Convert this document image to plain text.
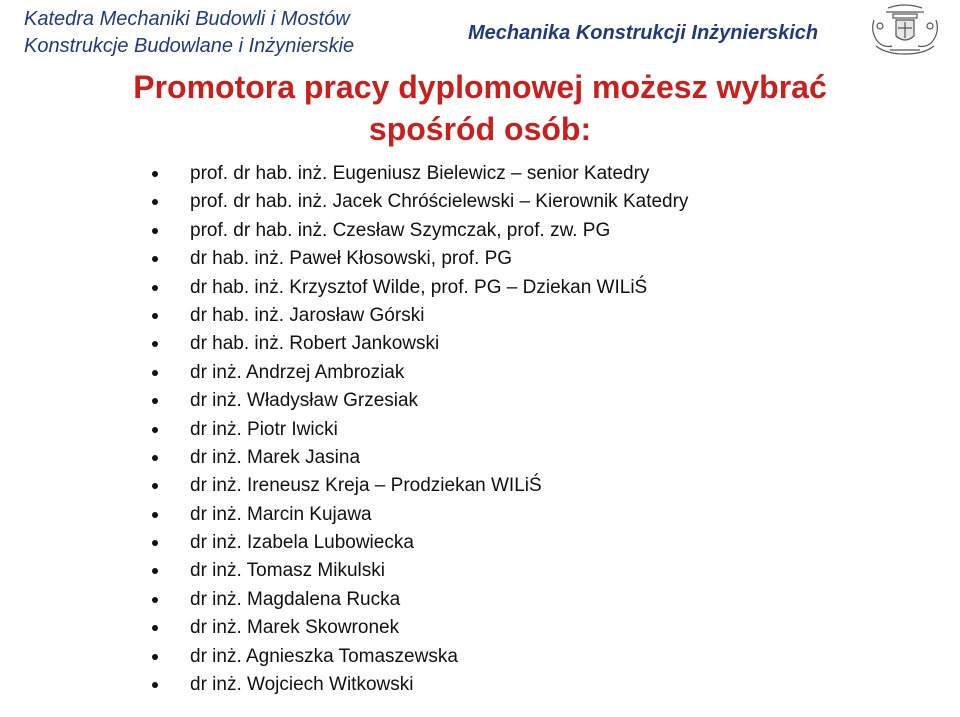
Katedra Mechaniki Budowli i Mostów
Konstrukcje Budowlane i Inżynierskie
Mechanika Konstrukcji Inżynierskich
Promotora pracy dyplomowej możesz wybrać
spośród osób:
prof. dr hab. inż. Eugeniusz Bielewicz – senior Katedry
prof. dr hab. inż. Jacek Chróścielewski – Kierownik Katedry
prof. dr hab. inż. Czesław Szymczak, prof. zw. PG
dr hab. inż. Paweł Kłosowski, prof. PG
dr hab. inż. Krzysztof Wilde, prof. PG – Dziekan WILiŚ
dr hab. inż. Jarosław Górski
dr hab. inż. Robert Jankowski
dr inż. Andrzej Ambroziak
dr inż. Władysław Grzesiak
dr inż. Piotr Iwicki
dr inż. Marek Jasina
dr inż. Ireneusz Kreja – Prodziekan WILiŚ
dr inż. Marcin Kujawa
dr inż. Izabela Lubowiecka
dr inż. Tomasz Mikulski
dr inż. Magdalena Rucka
dr inż. Marek Skowronek
dr inż. Agnieszka Tomaszewska
dr inż. Wojciech Witkowski
